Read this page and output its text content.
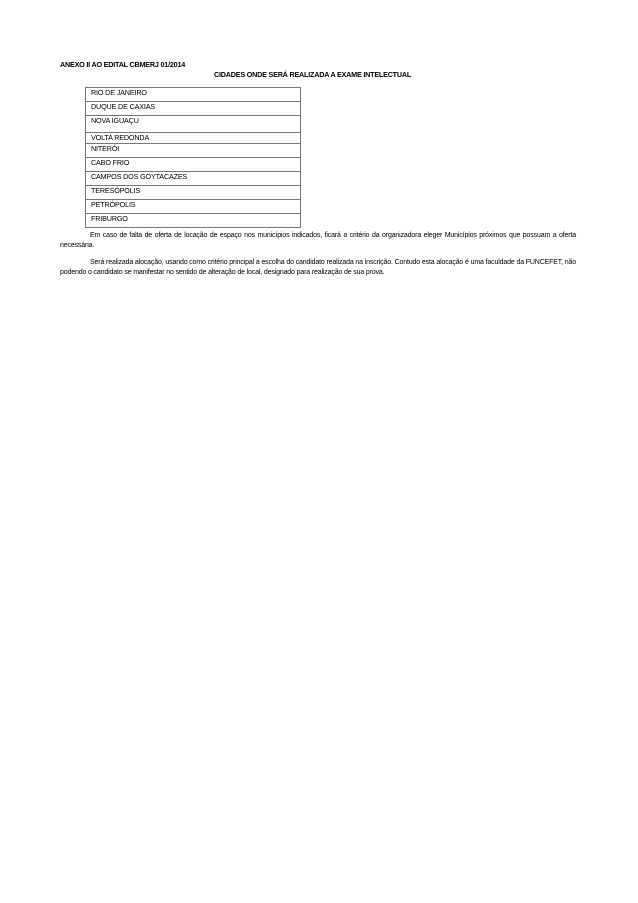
ANEXO II AO EDITAL CBMERJ 01/2014
CIDADES ONDE SERÁ REALIZADA A EXAME INTELECTUAL
RIO DE JANEIRO
DUQUE DE CAXIAS
NOVA IGUAÇU
VOLTA REDONDA
NITERÓI
CABO FRIO
CAMPOS DOS GOYTACAZES
TERESÓPOLIS
PETRÓPOLIS
FRIBURGO

Em caso de falta de oferta de locação de espaço nos municípios indicados, ficará a critério da organizadora eleger Municípios próximos que possuam a oferta necessária.

Será realizada alocação, usando como critério principal a escolha do candidato realizada na inscrição. Contudo esta alocação é uma faculdade da FUNCEFET, não podendo o candidato se manifestar no sentido de alteração de local, designado para realização de sua prova.
